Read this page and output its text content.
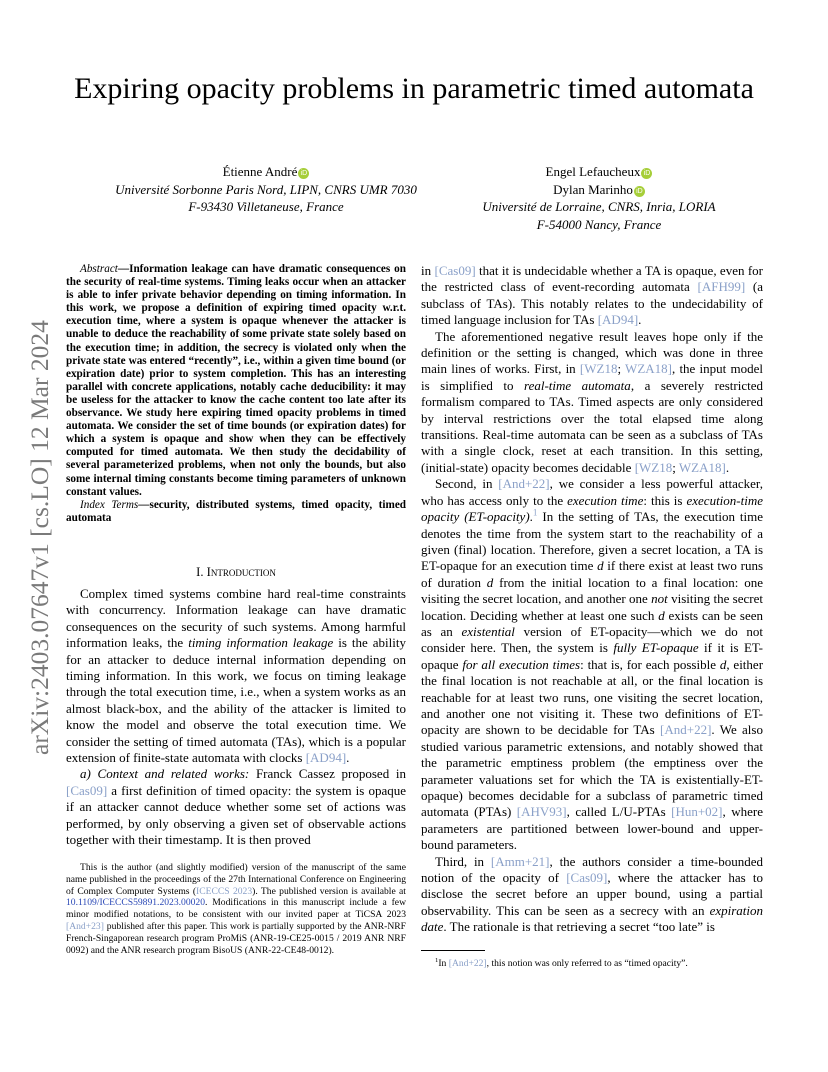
arXiv:2403.07647v1 [cs.LO] 12 Mar 2024
Expiring opacity problems in parametric timed automata
Étienne André iD
Université Sorbonne Paris Nord, LIPN, CNRS UMR 7030
F-93430 Villetaneuse, France
Engel Lefaucheux iD
Dylan Marinho iD
Université de Lorraine, CNRS, Inria, LORIA
F-54000 Nancy, France

Abstract—Information leakage can have dramatic consequences on the security of real-time systems. Timing leaks occur when an attacker is able to infer private behavior depending on timing information. In this work, we propose a definition of expiring timed opacity w.r.t. execution time, where a system is opaque whenever the attacker is unable to deduce the reachability of some private state solely based on the execution time; in addition, the secrecy is violated only when the private state was entered “recently”, i.e., within a given time bound (or expiration date) prior to system completion. This has an interesting parallel with concrete applications, notably cache deducibility: it may be useless for the attacker to know the cache content too late after its observance. We study here expiring timed opacity problems in timed automata. We consider the set of time bounds (or expiration dates) for which a system is opaque and show when they can be effectively computed for timed automata. We then study the decidability of several parameterized problems, when not only the bounds, but also some internal timing constants become timing parameters of unknown constant values.

Index Terms—security, distributed systems, timed opacity, timed automata

I. Introduction

Complex timed systems combine hard real-time constraints with concurrency. Information leakage can have dramatic consequences on the security of such systems. Among harmful information leaks, the timing information leakage is the ability for an attacker to deduce internal information depending on timing information. In this work, we focus on timing leakage through the total execution time, i.e., when a system works as an almost black-box, and the ability of the attacker is limited to know the model and observe the total execution time. We consider the setting of timed automata (TAs), which is a popular extension of finite-state automata with clocks [AD94].

a) Context and related works: Franck Cassez proposed in [Cas09] a first definition of timed opacity: the system is opaque if an attacker cannot deduce whether some set of actions was performed, by only observing a given set of observable actions together with their timestamp. It is then proved

This is the author (and slightly modified) version of the manuscript of the same name published in the proceedings of the 27th International Conference on Engineering of Complex Computer Systems (ICECCS 2023). The published version is available at 10.1109/ICECCS59891.2023.00020. Modifications in this manuscript include a few minor modified notations, to be consistent with our invited paper at TiCSA 2023 [And+23] published after this paper. This work is partially supported by the ANR-NRF French-Singaporean research program ProMiS (ANR-19-CE25-0015 / 2019 ANR NRF 0092) and the ANR research program BisoUS (ANR-22-CE48-0012).

in [Cas09] that it is undecidable whether a TA is opaque, even for the restricted class of event-recording automata [AFH99] (a subclass of TAs). This notably relates to the undecidability of timed language inclusion for TAs [AD94].

The aforementioned negative result leaves hope only if the definition or the setting is changed, which was done in three main lines of works. First, in [WZ18; WZA18], the input model is simplified to real-time automata, a severely restricted formalism compared to TAs. Timed aspects are only considered by interval restrictions over the total elapsed time along transitions. Real-time automata can be seen as a subclass of TAs with a single clock, reset at each transition. In this setting, (initial-state) opacity becomes decidable [WZ18; WZA18].

Second, in [And+22], we consider a less powerful attacker, who has access only to the execution time: this is execution-time opacity (ET-opacity).$^1$ In the setting of TAs, the execution time denotes the time from the system start to the reachability of a given (final) location. Therefore, given a secret location, a TA is ET-opaque for an execution time d if there exist at least two runs of duration d from the initial location to a final location: one visiting the secret location, and another one not visiting the secret location. Deciding whether at least one such d exists can be seen as an existential version of ET-opacity—which we do not consider here. Then, the system is fully ET-opaque if it is ET-opaque for all execution times: that is, for each possible d, either the final location is not reachable at all, or the final location is reachable for at least two runs, one visiting the secret location, and another one not visiting it. These two definitions of ET-opacity are shown to be decidable for TAs [And+22]. We also studied various parametric extensions, and notably showed that the parametric emptiness problem (the emptiness over the parameter valuations set for which the TA is existentially-ET-opaque) becomes decidable for a subclass of parametric timed automata (PTAs) [AHV93], called L/U-PTAs [Hun+02], where parameters are partitioned between lower-bound and upper-bound parameters.

Third, in [Amm+21], the authors consider a time-bounded notion of the opacity of [Cas09], where the attacker has to disclose the secret before an upper bound, using a partial observability. This can be seen as a secrecy with an expiration date. The rationale is that retrieving a secret “too late” is

$^1$In [And+22], this notion was only referred to as “timed opacity”.
